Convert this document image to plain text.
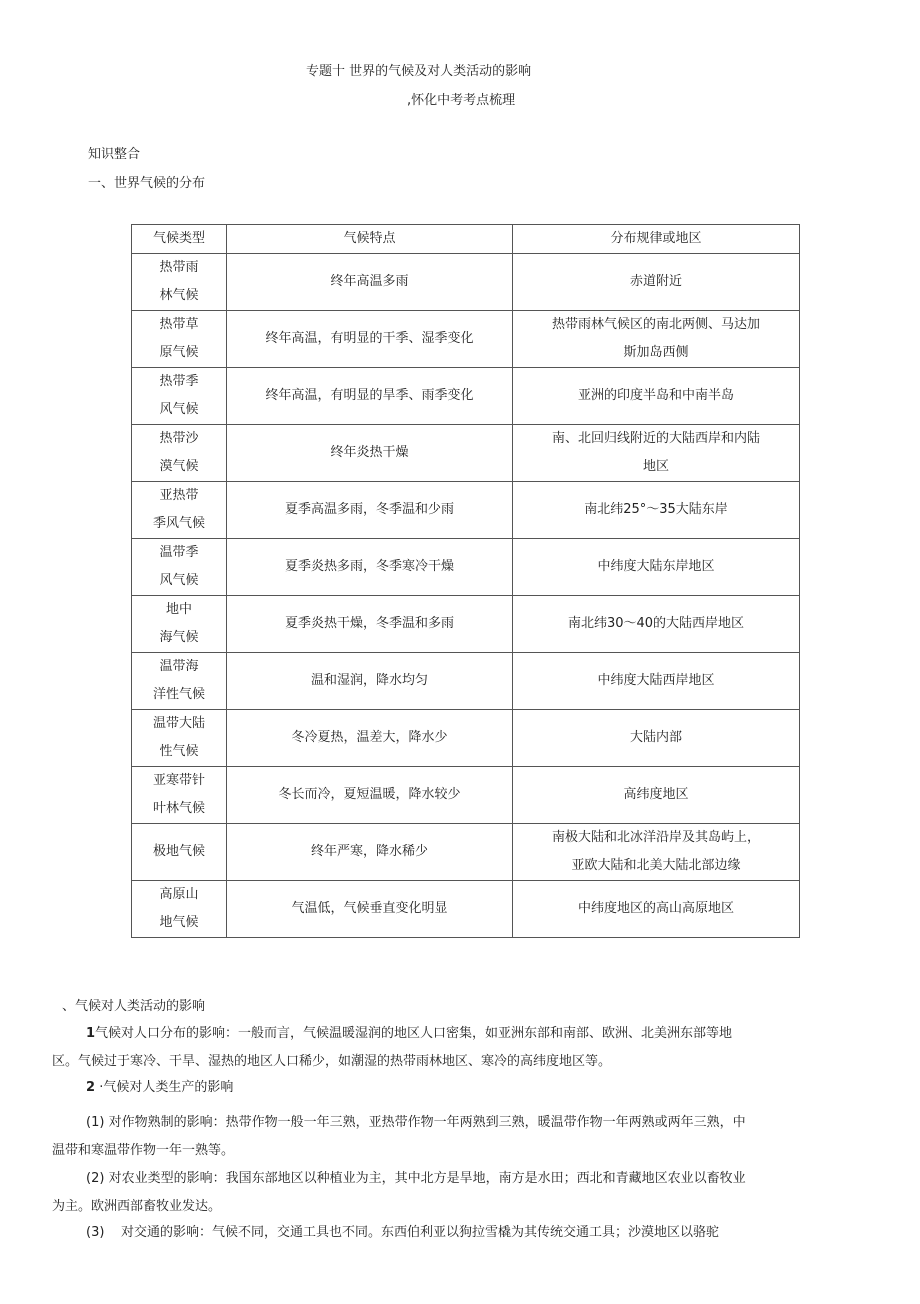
专题十 世界的气候及对人类活动的影响
,怀化中考考点梳理
知识整合
一、世界气候的分布
气候类型	气候特点	分布规律或地区

热带雨
林气候	终年高温多雨	赤道附近

热带草
原气候	终年高温，有明显的干季、湿季变化	热带雨林气候区的南北两侧、马达加
斯加岛西侧

热带季
风气候	终年高温，有明显的旱季、雨季变化	亚洲的印度半岛和中南半岛

热带沙
漠气候	终年炎热干燥	南、北回归线附近的大陆西岸和内陆
地区

亚热带
季风气候	夏季高温多雨，冬季温和少雨	南北纬25°～35大陆东岸

温带季
风气候	夏季炎热多雨，冬季寒冷干燥	中纬度大陆东岸地区

地中
海气候	夏季炎热干燥，冬季温和多雨	南北纬30～40的大陆西岸地区

温带海
洋性气候	温和湿润，降水均匀	中纬度大陆西岸地区

温带大陆
性气候	冬冷夏热，温差大，降水少	大陆内部

亚寒带针
叶林气候	冬长而冷，夏短温暖，降水较少	高纬度地区

极地气候	终年严寒，降水稀少	南极大陆和北冰洋沿岸及其岛屿上，
亚欧大陆和北美大陆北部边缘

高原山
地气候	气温低，气候垂直变化明显	中纬度地区的高山高原地区
、气候对人类活动的影响

1气候对人口分布的影响：一般而言，气候温暖湿润的地区人口密集，如亚洲东部和南部、欧洲、北美洲东部等地区。气候过于寒冷、干旱、湿热的地区人口稀少，如潮湿的热带雨林地区、寒冷的高纬度地区等。

2 ·气候对人类生产的影响

(1) 对作物熟制的影响：热带作物一般一年三熟，亚热带作物一年两熟到三熟，暖温带作物一年两熟或两年三熟，中温带和寒温带作物一年一熟等。

(2) 对农业类型的影响：我国东部地区以种植业为主，其中北方是旱地，南方是水田；西北和青藏地区农业以畜牧业为主。欧洲西部畜牧业发达。

(3) 对交通的影响：气候不同，交通工具也不同。东西伯利亚以狗拉雪橇为其传统交通工具；沙漠地区以骆驼
